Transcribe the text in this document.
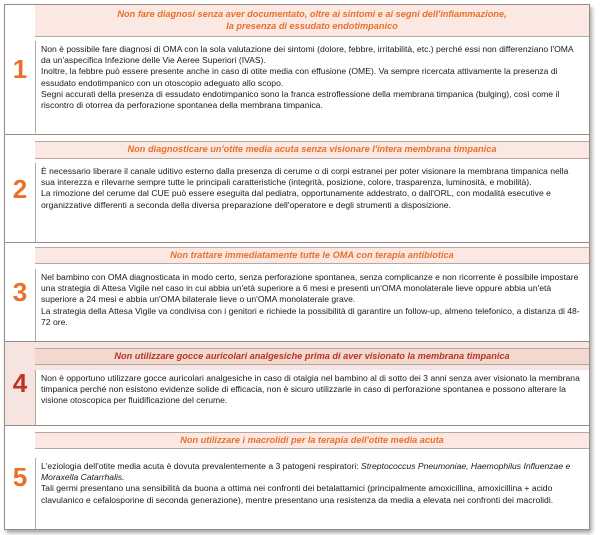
1
Non fare diagnosi senza aver documentato, oltre ai sintomi e ai segni dell'infiammazione,
la presenza di essudato endotimpanico

Non è possibile fare diagnosi di OMA con la sola valutazione dei sintomi (dolore, febbre, irritabilità, etc.) perché essi non differenziano l'OMA da un'aspecifica Infezione delle Vie Aeree Superiori (IVAS).

Inoltre, la febbre può essere presente anche in caso di otite media con effusione (OME). Va sempre ricercata attivamente la presenza di essudato endotimpanico con un otoscopio adeguato allo scopo.

Segni accurati della presenza di essudato endotimpanico sono la franca estroflessione della membrana timpanica (bulging), così come il riscontro di otorrea da perforazione spontanea della membrana timpanica.

2
Non diagnosticare un'otite media acuta senza visionare l'intera membrana timpanica

È necessario liberare il canale uditivo esterno dalla presenza di cerume o di corpi estranei per poter visionare la membrana timpanica nella sua interezza e rilevarne sempre tutte le principali caratteristiche (integrità, posizione, colore, trasparenza, luminosità, e mobilità).

La rimozione del cerume dal CUE può essere eseguita dal pediatra, opportunamente addestrato, o dall'ORL, con modalità esecutive e organizzative differenti a seconda della diversa preparazione dell'operatore e degli strumenti a disposizione.

3
Non trattare immediatamente tutte le OMA con terapia antibiotica

Nel bambino con OMA diagnosticata in modo certo, senza perforazione spontanea, senza complicanze e non ricorrente è possibile impostare una strategia di Attesa Vigile nel caso in cui abbia un'età superiore a 6 mesi e presenti un'OMA monolaterale lieve oppure abbia un'età superiore a 24 mesi e abbia un'OMA bilaterale lieve o un'OMA monolaterale grave.

La strategia della Attesa Vigile va condivisa con i genitori e richiede la possibilità di garantire un follow-up, almeno telefonico, a distanza di 48-72 ore.

4
Non utilizzare gocce auricolari analgesiche prima di aver visionato la membrana timpanica

Non è opportuno utilizzare gocce auricolari analgesiche in caso di otalgia nel bambino al di sotto dei 3 anni senza aver visionato la membrana timpanica perché non esistono evidenze solide di efficacia, non è sicuro utilizzarle in caso di perforazione spontanea e possono alterare la visione otoscopica per fluidificazione del cerume.

5
Non utilizzare i macrolidi per la terapia dell'otite media acuta

L'eziologia dell'otite media acuta è dovuta prevalentemente a 3 patogeni respiratori: Streptococcus Pneumoniae, Haemophilus Influenzae e Moraxella Catarrhalis.

Tali germi presentano una sensibilità da buona a ottima nei confronti dei betalattamici (principalmente amoxicillina, amoxicillina + acido clavulanico e cefalosporine di seconda generazione), mentre presentano una resistenza da media a elevata nei confronti dei macrolidi.
